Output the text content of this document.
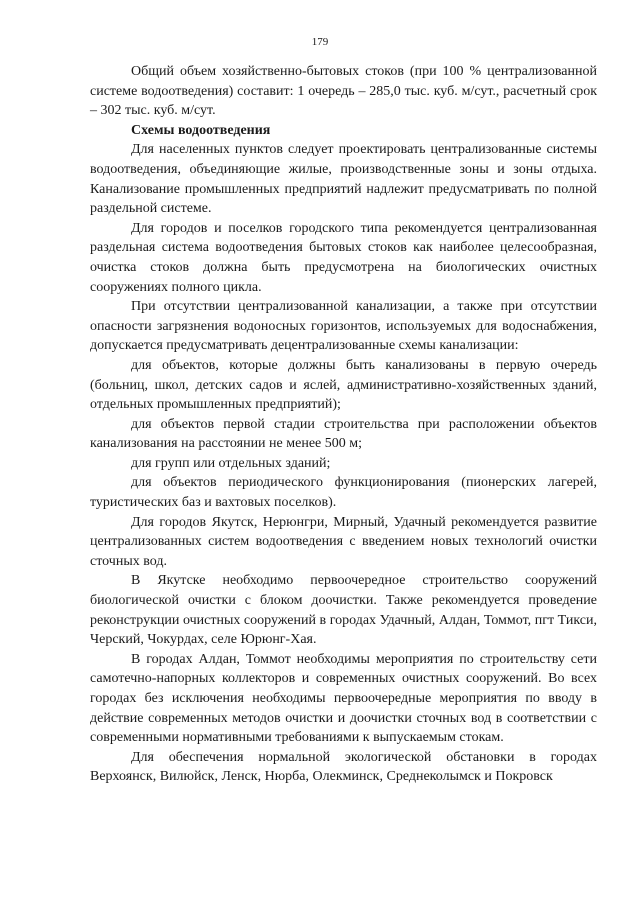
179

Общий объем хозяйственно-бытовых стоков (при 100 % централизованной системе водоотведения) составит: 1 очередь – 285,0 тыс. куб. м/сут., расчетный срок – 302 тыс. куб. м/сут.

Схемы водоотведения

Для населенных пунктов следует проектировать централизованные системы водоотведения, объединяющие жилые, производственные зоны и зоны отдыха. Канализование промышленных предприятий надлежит предусматривать по полной раздельной системе.

Для городов и поселков городского типа рекомендуется централизованная раздельная система водоотведения бытовых стоков как наиболее целесообразная, очистка стоков должна быть предусмотрена на биологических очистных сооружениях полного цикла.

При отсутствии централизованной канализации, а также при отсутствии опасности загрязнения водоносных горизонтов, используемых для водоснабжения, допускается предусматривать децентрализованные схемы канализации:

для объектов, которые должны быть канализованы в первую очередь (больниц, школ, детских садов и яслей, административно-хозяйственных зданий, отдельных промышленных предприятий);

для объектов первой стадии строительства при расположении объектов канализования на расстоянии не менее 500 м;

для групп или отдельных зданий;

для объектов периодического функционирования (пионерских лагерей, туристических баз и вахтовых поселков).

Для городов Якутск, Нерюнгри, Мирный, Удачный рекомендуется развитие централизованных систем водоотведения с введением новых технологий очистки сточных вод.

В Якутске необходимо первоочередное строительство сооружений биологической очистки с блоком доочистки. Также рекомендуется проведение реконструкции очистных сооружений в городах Удачный, Алдан, Томмот, пгт Тикси, Черский, Чокурдах, селе Юрюнг-Хая.

В городах Алдан, Томмот необходимы мероприятия по строительству сети самотечно-напорных коллекторов и современных очистных сооружений. Во всех городах без исключения необходимы первоочередные мероприятия по вводу в действие современных методов очистки и доочистки сточных вод в соответствии с современными нормативными требованиями к выпускаемым стокам.

Для обеспечения нормальной экологической обстановки в городах Верхоянск, Вилюйск, Ленск, Нюрба, Олекминск, Среднеколымск и Покровск
